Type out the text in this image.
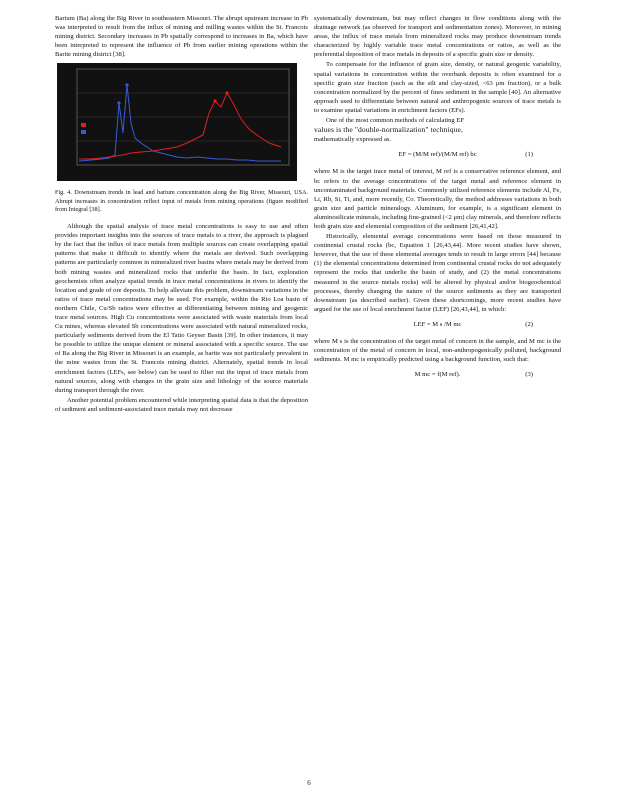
Barium (Ba) along the Big River in southeastern Missouri. The abrupt upstream increase in Pb was interpreted to result from the influx of mining and milling wastes within the St. Francois mining district. Secondary increases in Pb spatially correspond to increases in Ba, which have been interpreted to represent the influence of Pb from earlier mining operations within the Barite mining district [38].

Fig. 4. Downstream trends in lead and barium concentration along the Big River, Missouri, USA. Abrupt increases in concentration reflect input of metals from mining operations (figure modified from Integral [38].

Although the spatial analysis of trace metal concentrations is easy to use and often provides important insights into the sources of trace metals to a river, the approach is plagued by the fact that the influx of trace metals from multiple sources can create overlapping spatial patterns that make it difficult to identify where the metals are derived. Such overlapping patterns are particularly common in mineralized river basins where metals may be derived from both mining wastes and mineralized rocks that underlie the basin. In fact, exploration geochemists often analyze spatial trends in trace metal concentrations in rivers to identify the location and grade of ore deposits. To help alleviate this problem, downstream variations in the ratios of trace metal concentrations may be used. For example, within the Rio Loa basin of northern Chile, Cu/Sb ratios were effective at differentiating between mining and geogenic trace metal sources. High Cu concentrations were associated with waste materials from local Cu mines, whereas elevated Sb concentrations were associated with natural mineralized rocks, particularly sediments derived from the El Tatio Geyser Basin [39]. In other instances, it may be possible to utilize the unique element or mineral associated with a specific source. The use of Ba along the Big River in Missouri is an example, as barite was not particularly prevalent in the mine wastes from the St. Francois mining district. Alternately, spatial trends in local enrichment factors (LEFs, see below) can be used to filter out the input of trace metals from natural sources, along with changes in the grain size and lithology of the source materials during transport through the river.

Another potential problem encountered while interpreting spatial data is that the deposition of sediment and sediment-associated trace metals may not decrease

systematically downstream, but may reflect changes in flow conditions along with the drainage network (as observed for transport and sedimentation zones). Moreover, in mining areas, the influx of trace metals from mineralized rocks may produce downstream trends characterized by highly variable trace metal concentrations or ratios, as well as the preferential deposition of trace metals in deposits of a specific grain size or density.

To compensate for the influence of grain size, density, or natural geogenic variability, spatial variations in concentration within the overbank deposits is often examined for a specific grain size fraction (such as the silt and clay-sized, <63 μm fraction), or a bulk concentration normalized by the percent of fines sediment in the sample [40]. An alternative approach used to differentiate between natural and anthropogenic sources of trace metals is to examine spatial variations in enrichment factors (EFs).

One of the most common methods of calculating EF
values is the "double-normalization" technique,
mathematically expressed as.

EF = (M/M ref)/(M/M ref) bc	(1)

where M is the target trace metal of interest, M ref is a conservative reference element, and bc refers to the average concentrations of the target metal and reference element in uncontaminated background materials. Commonly utilized reference elements include Al, Fe, Li, Rb, Si, Ti, and, more recently, Co. Theoretically, the method addresses variations in both grain size and particle mineralogy. Aluminum, for example, is a significant element in aluminosilicate minerals, including fine-grained (<2 μm) clay minerals, and therefore reflects both grain size and elemental composition of the sediment [26,41,42].

Historically, elemental average concentrations were based on those measured in continental crustal rocks (bc, Equation 1 [26,43,44]. More recent studies have shown, however, that the use of these elemental averages tends to result in large errors [44] because (1) the elemental concentrations determined from continental crustal rocks do not adequately represent the rocks that underlie the basin of study, and (2) the metal concentrations measured in the source metals rocks) will be altered by physical and/or biogeochemical processes, thereby changing the nature of the source sediments as they are transported downstream (as described earlier). Given these shortcomings, more recent studies have argued for the use of local enrichment factor (LEF) [26,43,44], in which:

LEF = M s /M mc	(2)

where M s is the concentration of the target metal of concern in the sample, and M mc is the concentration of the metal of concern in local, non-anthropogenically polluted, background sediments. M mc is empirically predicted using a background function, such that:

M mc = f(M ref).	(3)
6
